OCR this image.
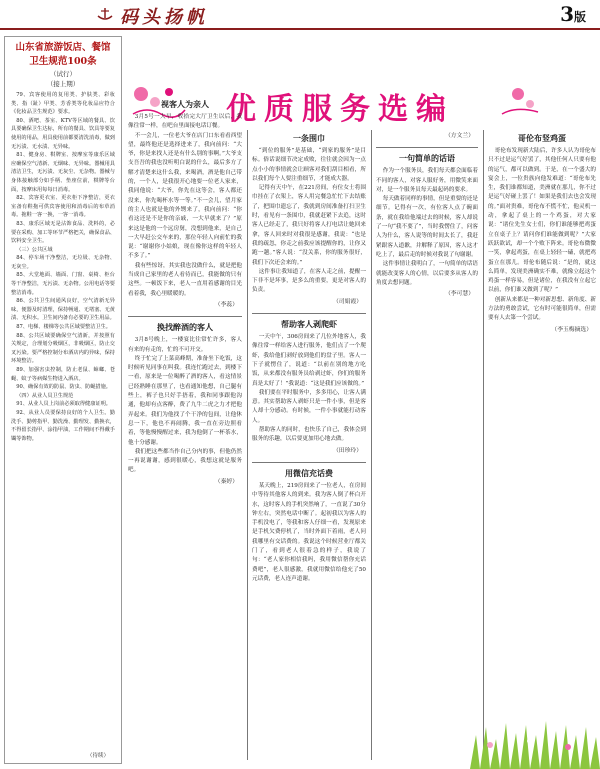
码头扬帆	3版
山东省旅游饭店、餐馆
卫生规范100条
（试行）
（接上期）

79、宾客使用的复用类、护肤类、彩妆类、指（趾）甲类、芳香类等化妆品应符合《化妆品卫生规范》要求。

80、酒吧、茶室、KTV等区域的餐具、饮具要确保卫生达标，所有的餐具、饮具等要复使用的用品，用具使用前都要清洗消毒，做到无污渍、无水渍、无异味。

81、健身房、棋牌室、按摩室等康乐区域应确保空气清新、无烟味、无异味。器械用具清洁卫生，无污渍、无灰尘、无杂物。器械与身体接触部分如手柄、垫座位前，棋牌等台面，按摩床用每每日消毒。

82、宾客更衣室、更衣柜下净整洁，更衣室备有鞋拖可供宾客使用和消毒后的布草消毒。拖鞋一客一换，一客一消毒。

83、康乐区域无是沾饰食品、洗料的，必要在采购、加工等环节严格把关，确保食品、饮料安全卫生。

（三）公共区域

84、停车场干净整洁，无垃圾、无杂物、无灰尘。

85、大堂地面、墙面、门窗、桌椅、柜台等干净整洁，无污渍、无杂物。公用电话等要整洁消毒。

86、公共卫生间通风良好，空气清新无异味，便器及时清理，保持畅通、无堵塞、无黄渍、无积水。卫生间内备有必要的卫生用品。

87、电梯、楼梯等公共区域要整洁卫生。

88、公共区域要确保空气清新，并按照有关规定，合理划分吸烟区，非吸烟区，防止交叉污染。要严格控制分布酒店内的异味，保持环境整洁。

89、加强害虫控制，防止老鼠、蟑螂、苍蝇、蚊子等病媒生物进入酒店。

90、确保有效的防鼠、防虫、防蝇措施。

（四）从业人员卫生规范

91、从业人员上岗前必须取得健康证明。

92、从业人员要保持良好的个人卫生。勤洗手、勤剪指甲、勤洗澡、勤理发、勤换衣，不得留长指甲、涂指甲油，工作期间不得戴手镯等饰物。

（待续）
优质服务选编
视客人为亲人

3月5号一大早，收拾完大厅卫生以后，我像往常一样，在吧台里面接电话订餐。

不一会儿，一位老大爷在店门口东看看西望望，最终他还是选择进来了，我向前问：“大爷，你是来找人还是有什么别的事啊。”大爷支支吾吾的我也没听明白说的什么，最后多方了解才清楚来这什么我，来喝酒，酒是他自己带的，一个人，是我很开心地要一位老人家来，我同他说：“大爷，你先在这等会，客人都还没来，你先喝杯水等一等。”不一会儿，望月家的主人也就是他的外甥来了，我向前问：“你看这还是不是你的亲戚，一大早就来了？”原来这是他的一个远房舅，没想到他来，是自己一大早赶公交车来的，那位年轻人向前忙的我说：“谢谢你小姑娘，现在像你这样的年轻人不多了。”

我有些惊讶，其实我也没做什么，就是把他当成自己家里的老人看待而已，我能做的只有这些。一顿饭下来，老人一直用着感谢的目光看着我，我心里暖暖的。

（李蕊）
换找醉酒的客人

3月8号晚上，一楼宴比往常忙许多，客人有来的有走的，忙的不可开交。

终于忙完了上菜高峰期，准备坐下吃饭，这时候听见同事在叫我。我连忙跑过去，到楼下一看，原来是一位喝醉了酒的客人，看这情景已经熟睡在那里了，也看通知他想，自己腿有些上，裤子也只好手捂着，我和同事跟他沟通，他却有点客醉，费了九牛二虎之力才把他弄起来。我们为他找了个干净的包间，让他休息一下，他也不再闹腾，我一直在旁边照看着，等他慢慢醒过来，我为他倒了一杯茶水，他十分感谢。

我们把这些都当作自己分内的事，但他仍然一再说谢谢，感到很暖心，我想这就是服务吧。

（秦婷）
一条围巾

“到位的服务”是基础，“到家的服务”是目标。俗话说细节决定成败，往往就会因为一点点小小的事情就会让顾客对我们刮目相看，所以我们每个人要注重细节，才能成大器。

记得有天中午，在221房间，有位女士将围巾挂在了衣架上，客人用完餐急忙忙下去结账了，把围巾遗忘了，我就到房间准备打扫卫生时，看见有一条围巾，我就赶紧下去追，这时客人已经走了，我只好将客人打电话让她回来拿，客人回来时对我很是感谢，我说：“也是我的疏忽，你走之前我应该提醒你的，让你又跑一趟。”客人说：“没关系，你的服务很好，我们下次还会来的。”

这件事让我知道了，在客人走之前，提醒一下非不是坏事，是多么的重要，更是对客人的负责。

（司娟霞）
帮助客人剥爬虾

一天中午，306房间来了几位外地客人，我像往常一样给客人进行服务，他们点了一个爬虾，我给他们剥好放到他们的盘子里。客人一下子就愣住了，说道：“以前在别的地方吃饭，从来都没有服务员给剥过虾，你们的服务真是太好了！”我说道：“这是我们应该做的。”

我们要在平时服务中，多多用心，让客人满意。其实帮助客人剥虾只是一件小事，但是客人却十分感动。有时候，一件小事就能打动客人。

帮助客人的同时，也快乐了自己，我体会到服务的乐趣，以后要更加用心地去做。

（田珍玲）
用微信充话费

某天晚上，219房间来了一位老人，在房间中等待其他客人的到来。我为客人倒了杯白开水，这时客人的手机突然响了，一直说了30分钟左右，突然电话中断了。起初我以为客人的手机没电了，等我和客人仔细一看，发现原来是手机欠费停机了，当时外面下着雨，老人问我哪里有交话费的。我说这个时候营业厅都关门了，看到老人很着急的样子，我说了句：“老人家你相信我吗，我用微信帮你充话费吧”，老人很感激，我就用微信给他充了50元话费，老人连声道谢。

（方文兰）
一句简单的话语

作为一个服务员，我们每天都会面临着不同的客人，对客人服好务，用微笑来面对，是一个服务员每天最起码的要求。

每天做着同样的事情，但是重要的还是细节。记得有一次，有位客人点了碗面条，就在我给他端过去的时候，客人却说了一句“我不要了”，当时我愣住了，问客人为什么，客人说等的时间太长了，我赶紧跟客人道歉，并解释了原因，客人这才吃上了，最后走的时候对我说了句谢谢。

这件事情让我明白了，一句简单的话语就能改变客人的心情，以后要多从客人的角度去想问题。

（李可慧）
哥伦布竖鸡蛋

哥伦布发现新大陆后，许多人认为哥伦布只不过是运气好罢了，其他任何人只要有他的运气，都可以做到。于是，在一个盛大的宴会上，一位贵族向他发难道：“哥伦布先生，我们谁都知道，美洲就在那儿，你不过是运气好碰上罢了！如果是我们去也会发现的。”面对贵难，哥伦布不慌不忙，他灵机一动，拿起了桌上的一个鸡蛋，对大家说：“诸位先生女士们，你们谁能够把鸡蛋立在桌子上？请问你们谁能做到呢？”大家跃跃欲试，却一个个败下阵来。哥伦布微微一笑，拿起鸡蛋，在桌上轻轻一磕，就把鸡蛋立在那儿。哥伦布随后说：“是的，就这么简单，发现美洲确实不难，就像立起这个鸡蛋一样容易，但是诸位，在我没有立起它以前，你们谁又做到了呢？”

创新从来都是一种对新思想、新角度、新方法的勇敢尝试，它有时可能很简单，但需要有人去第一个尝试。

（李玉梅摘选）
